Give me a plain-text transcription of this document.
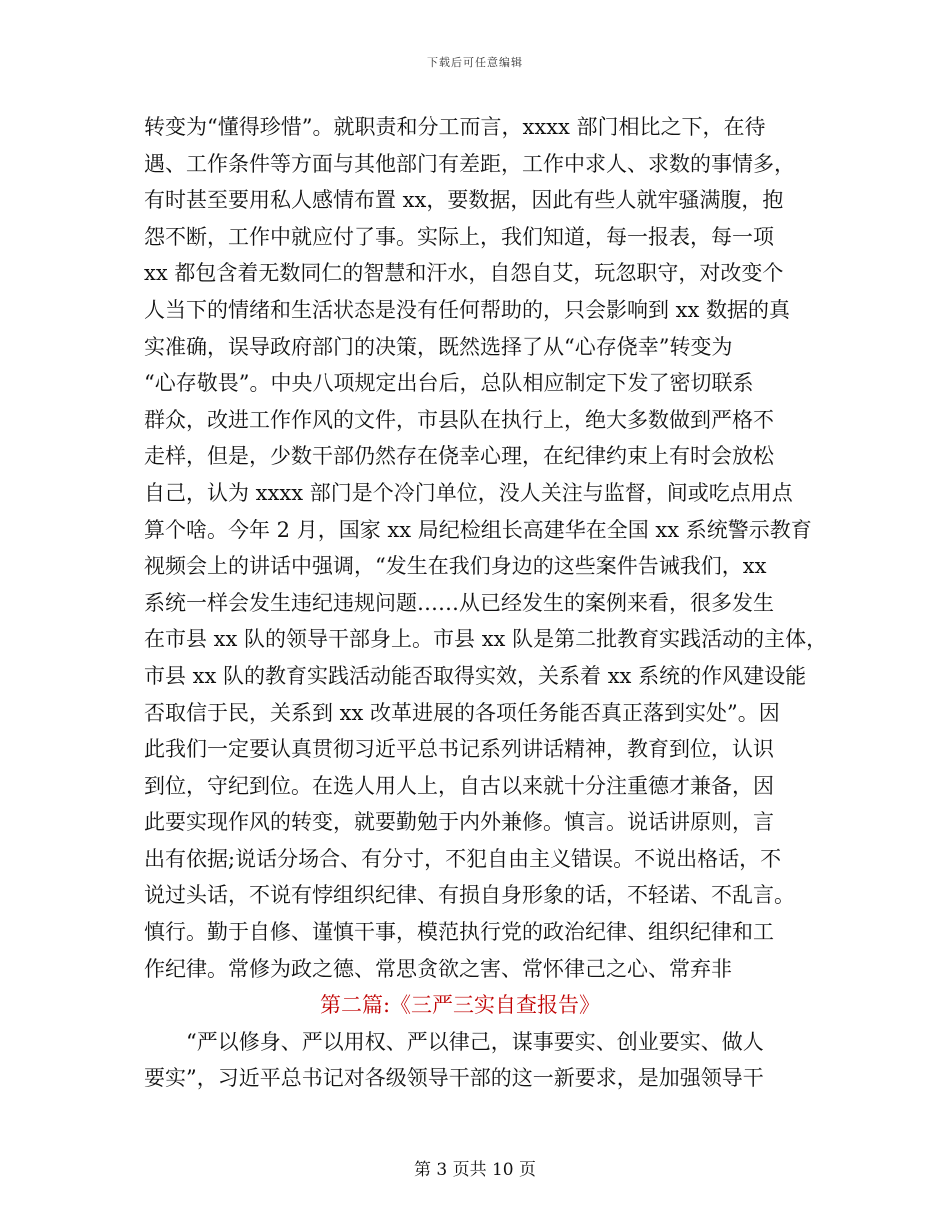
下载后可任意编辑
转变为“懂得珍惜”。就职责和分工而言，xxxx 部门相比之下，在待
遇、工作条件等方面与其他部门有差距，工作中求人、求数的事情多，
有时甚至要用私人感情布置 xx，要数据，因此有些人就牢骚满腹，抱
怨不断，工作中就应付了事。实际上，我们知道，每一报表，每一项
xx 都包含着无数同仁的智慧和汗水，自怨自艾，玩忽职守，对改变个
人当下的情绪和生活状态是没有任何帮助的，只会影响到 xx 数据的真
实准确，误导政府部门的决策，既然选择了从“心存侥幸”转变为
“心存敬畏”。中央八项规定出台后，总队相应制定下发了密切联系
群众，改进工作作风的文件，市县队在执行上，绝大多数做到严格不
走样，但是，少数干部仍然存在侥幸心理，在纪律约束上有时会放松
自己，认为 xxxx 部门是个冷门单位，没人关注与监督，间或吃点用点
算个啥。今年 2 月，国家 xx 局纪检组长高建华在全国 xx 系统警示教育
视频会上的讲话中强调，“发生在我们身边的这些案件告诫我们，xx
系统一样会发生违纪违规问题……从已经发生的案例来看，很多发生
在市县 xx 队的领导干部身上。市县 xx 队是第二批教育实践活动的主体，
市县 xx 队的教育实践活动能否取得实效，关系着 xx 系统的作风建设能
否取信于民，关系到 xx 改革进展的各项任务能否真正落到实处”。因
此我们一定要认真贯彻习近平总书记系列讲话精神，教育到位，认识
到位，守纪到位。在选人用人上，自古以来就十分注重德才兼备，因
此要实现作风的转变，就要勤勉于内外兼修。慎言。说话讲原则，言
出有依据;说话分场合、有分寸，不犯自由主义错误。不说出格话，不
说过头话，不说有悖组织纪律、有损自身形象的话，不轻诺、不乱言。
慎行。勤于自修、谨慎干事，模范执行党的政治纪律、组织纪律和工
作纪律。常修为政之德、常思贪欲之害、常怀律己之心、常弃非
第二篇:《三严三实自查报告》
“严以修身、严以用权、严以律己，谋事要实、创业要实、做人
要实”，习近平总书记对各级领导干部的这一新要求，是加强领导干
第 3 页共 10 页
